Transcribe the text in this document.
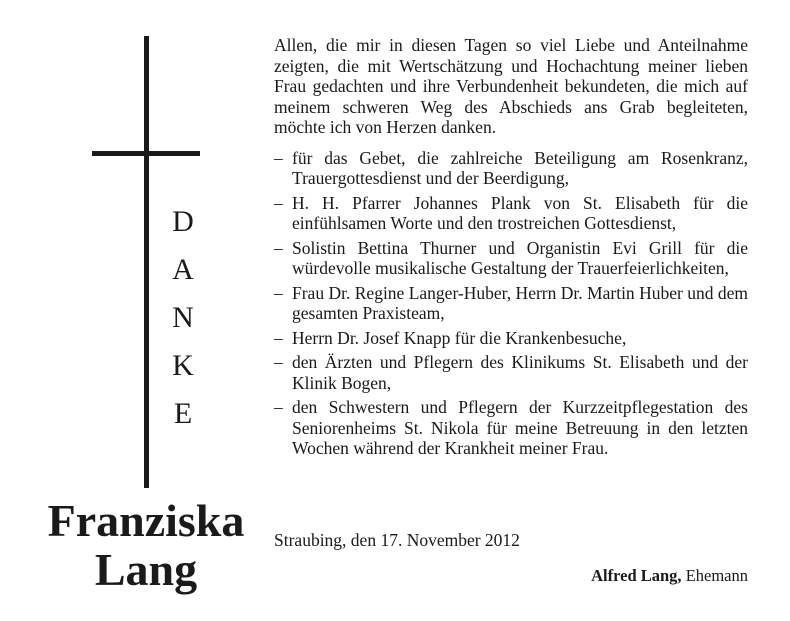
D
A
N
K
E
Franziska
Lang

Allen, die mir in diesen Tagen so viel Liebe und Anteilnahme zeigten, die mit Wertschätzung und Hochachtung meiner lieben Frau gedachten und ihre Verbundenheit bekundeten, die mich auf meinem schweren Weg des Abschieds ans Grab begleiteten, möchte ich von Herzen danken.

– für das Gebet, die zahlreiche Beteiligung am Rosenkranz, Trauergottesdienst und der Beerdigung,
– H. H. Pfarrer Johannes Plank von St. Elisabeth für die einfühlsamen Worte und den trostreichen Gottesdienst,
– Solistin Bettina Thurner und Organistin Evi Grill für die würdevolle musikalische Gestaltung der Trauerfeierlichkeiten,
– Frau Dr. Regine Langer-Huber, Herrn Dr. Martin Huber und dem gesamten Praxisteam,
– Herrn Dr. Josef Knapp für die Krankenbesuche,
– den Ärzten und Pflegern des Klinikums St. Elisabeth und der Klinik Bogen,
– den Schwestern und Pflegern der Kurzzeitpflegestation des Seniorenheims St. Nikola für meine Betreuung in den letzten Wochen während der Krankheit meiner Frau.
Straubing, den 17. November 2012
Alfred Lang, Ehemann
